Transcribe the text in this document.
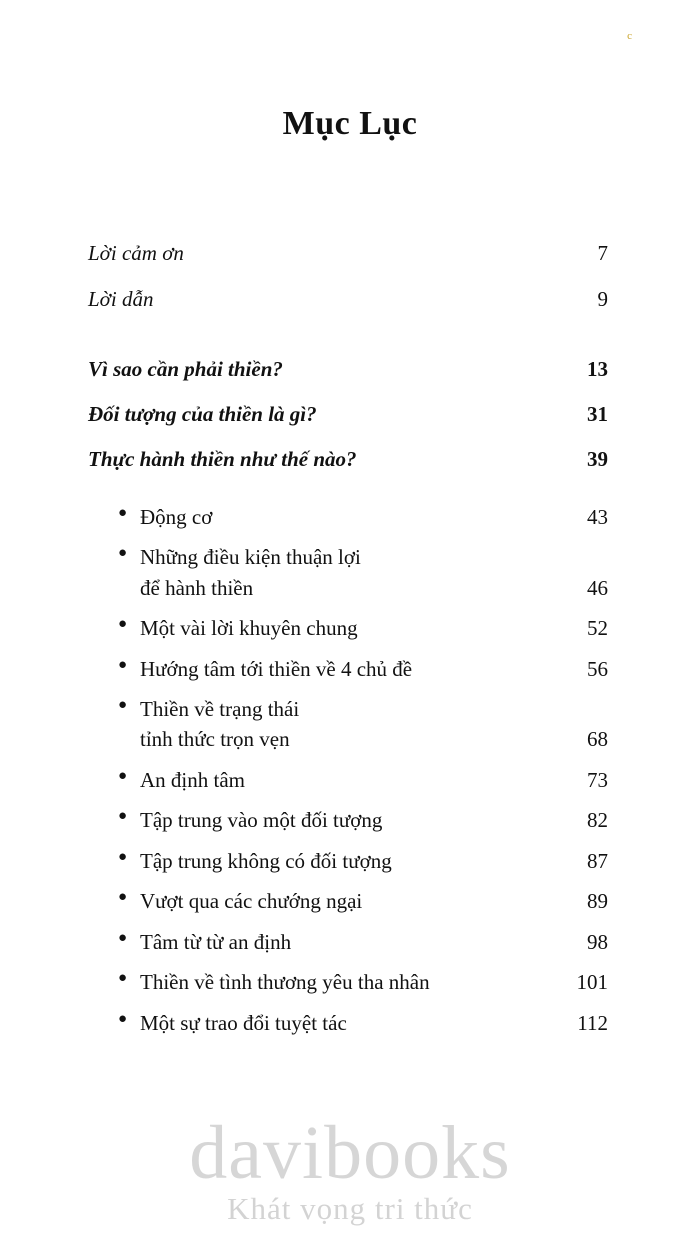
c
Mục Lục
Lời cảm ơn	7
Lời dẫn	9
Vì sao cần phải thiền?	13
Đối tượng của thiền là gì?	31
Thực hành thiền như thế nào?	39
● Động cơ	43
● Những điều kiện thuận lợi
để hành thiền	46
● Một vài lời khuyên chung	52
● Hướng tâm tới thiền về 4 chủ đề	56
● Thiền về trạng thái
tỉnh thức trọn vẹn	68
● An định tâm	73
● Tập trung vào một đối tượng	82
● Tập trung không có đối tượng	87
● Vượt qua các chướng ngại	89
● Tâm từ từ an định	98
● Thiền về tình thương yêu tha nhân	101
● Một sự trao đổi tuyệt tác	112
davibooks
Khát vọng tri thức
